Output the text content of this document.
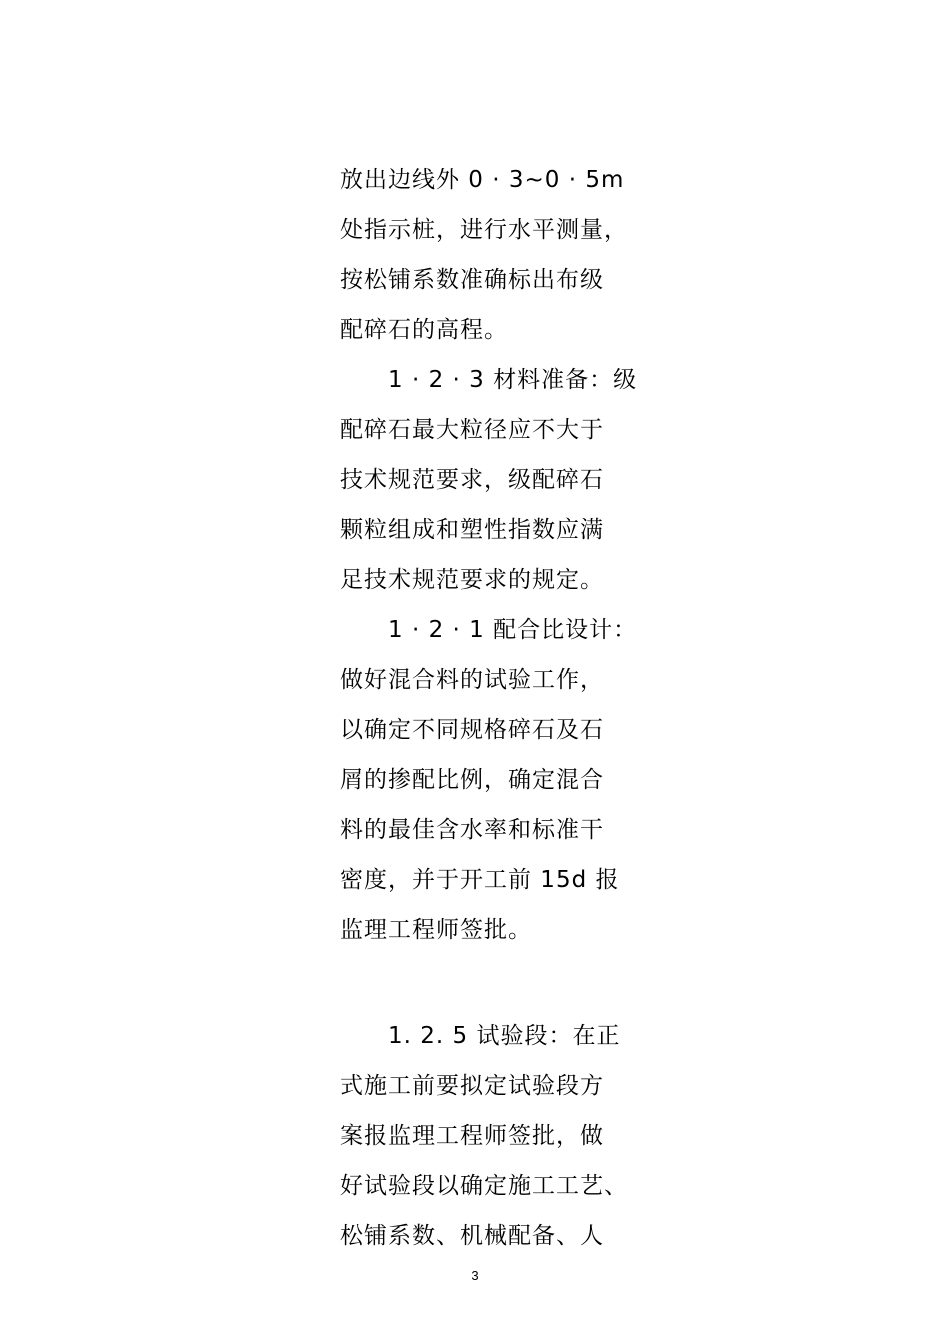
放出边线外 0 · 3~0 · 5m
处指示桩，进行水平测量，
按松铺系数准确标出布级
配碎石的高程。
1 · 2 · 3 材料准备：级
配碎石最大粒径应不大于
技术规范要求，级配碎石
颗粒组成和塑性指数应满
足技术规范要求的规定。
1 · 2 · 1 配合比设计：
做好混合料的试验工作，
以确定不同规格碎石及石
屑的掺配比例，确定混合
料的最佳含水率和标准干
密度，并于开工前 15d 报
监理工程师签批。
1. 2. 5 试验段：在正
式施工前要拟定试验段方
案报监理工程师签批，做
好试验段以确定施工工艺、
松铺系数、机械配备、人
3
